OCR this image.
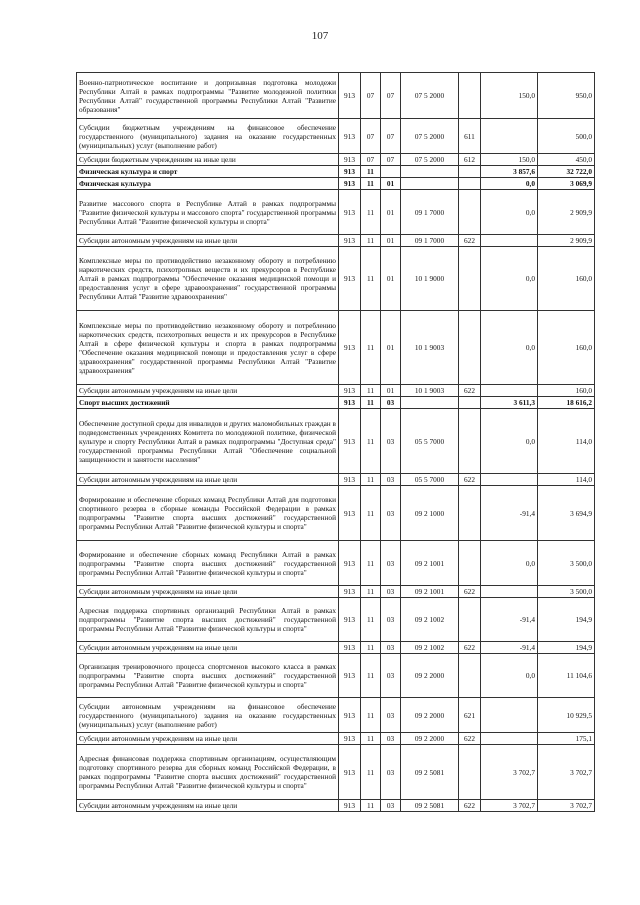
107
Военно-патриотическое воспитание и допризывная подготовка молодежи Республики Алтай в рамках подпрограммы "Развитие молодежной политики Республики Алтай" государственной программы Республики Алтай "Развитие образования"	913	07	07	07 5 2000		150,0	950,0
Субсидии бюджетным учреждениям на финансовое обеспечение государственного (муниципального) задания на оказание государственных (муниципальных) услуг (выполнение работ)	913	07	07	07 5 2000	611		500,0
Субсидии бюджетным учреждениям на иные цели	913	07	07	07 5 2000	612	150,0	450,0
Физическая культура и спорт	913	11				3 857,6	32 722,0
Физическая культура	913	11	01			0,0	3 069,9
Развитие массового спорта в Республике Алтай в рамках подпрограммы "Развитие физической культуры и массового спорта" государственной программы Республики Алтай "Развитие физической культуры и спорта"	913	11	01	09 1 7000		0,0	2 909,9
Субсидии автономным учреждениям на иные цели	913	11	01	09 1 7000	622		2 909,9
Комплексные меры по противодействию незаконному обороту и потреблению наркотических средств, психотропных веществ и их прекурсоров в Республике Алтай в рамках подпрограммы "Обеспечение оказания медицинской помощи и предоставления услуг в сфере здравоохранения" государственной программы Республики Алтай "Развитие здравоохранения"	913	11	01	10 1 9000		0,0	160,0
Комплексные меры по противодействию незаконному обороту и потреблению наркотических средств, психотропных веществ и их прекурсоров в Республике Алтай в сфере физической культуры и спорта в рамках подпрограммы "Обеспечение оказания медицинской помощи и предоставления услуг в сфере здравоохранения" государственной программы Республики Алтай "Развитие здравоохранения"	913	11	01	10 1 9003		0,0	160,0
Субсидии автономным учреждениям на иные цели	913	11	01	10 1 9003	622		160,0
Спорт высших достижений	913	11	03			3 611,3	18 616,2
Обеспечение доступной среды для инвалидов и других маломобильных граждан в подведомственных учреждениях Комитета по молодежной политике, физической культуре и спорту Республики Алтай в рамках подпрограммы "Доступная среда" государственной программы Республики Алтай "Обеспечение социальной защищенности и занятости населения"	913	11	03	05 5 7000		0,0	114,0
Субсидии автономным учреждениям на иные цели	913	11	03	05 5 7000	622		114,0
Формирование и обеспечение сборных команд Республики Алтай для подготовки спортивного резерва в сборные команды Российской Федерации в рамках подпрограммы "Развитие спорта высших достижений" государственной программы Республики Алтай "Развитие физической культуры и спорта"	913	11	03	09 2 1000		-91,4	3 694,9
Формирование и обеспечение сборных команд Республики Алтай в рамках подпрограммы "Развитие спорта высших достижений" государственной программы Республики Алтай "Развитие физической культуры и спорта"	913	11	03	09 2 1001		0,0	3 500,0
Субсидии автономным учреждениям на иные цели	913	11	03	09 2 1001	622		3 500,0
Адресная поддержка спортивных организаций Республики Алтай в рамках подпрограммы "Развитие спорта высших достижений" государственной программы Республики Алтай "Развитие физической культуры и спорта"	913	11	03	09 2 1002		-91,4	194,9
Субсидии автономным учреждениям на иные цели	913	11	03	09 2 1002	622	-91,4	194,9
Организация тренировочного процесса спортсменов высокого класса в рамках подпрограммы "Развитие спорта высших достижений" государственной программы Республики Алтай "Развитие физической культуры и спорта"	913	11	03	09 2 2000		0,0	11 104,6
Субсидии автономным учреждениям на финансовое обеспечение государственного (муниципального) задания на оказание государственных (муниципальных) услуг (выполнение работ)	913	11	03	09 2 2000	621		10 929,5
Субсидии автономным учреждениям на иные цели	913	11	03	09 2 2000	622		175,1
Адресная финансовая поддержка спортивным организациям, осуществляющим подготовку спортивного резерва для сборных команд Российской Федерации, в рамках подпрограммы "Развитие спорта высших достижений" государственной программы Республики Алтай "Развитие физической культуры и спорта"	913	11	03	09 2 5081		3 702,7	3 702,7
Субсидии автономным учреждениям на иные цели	913	11	03	09 2 5081	622	3 702,7	3 702,7
